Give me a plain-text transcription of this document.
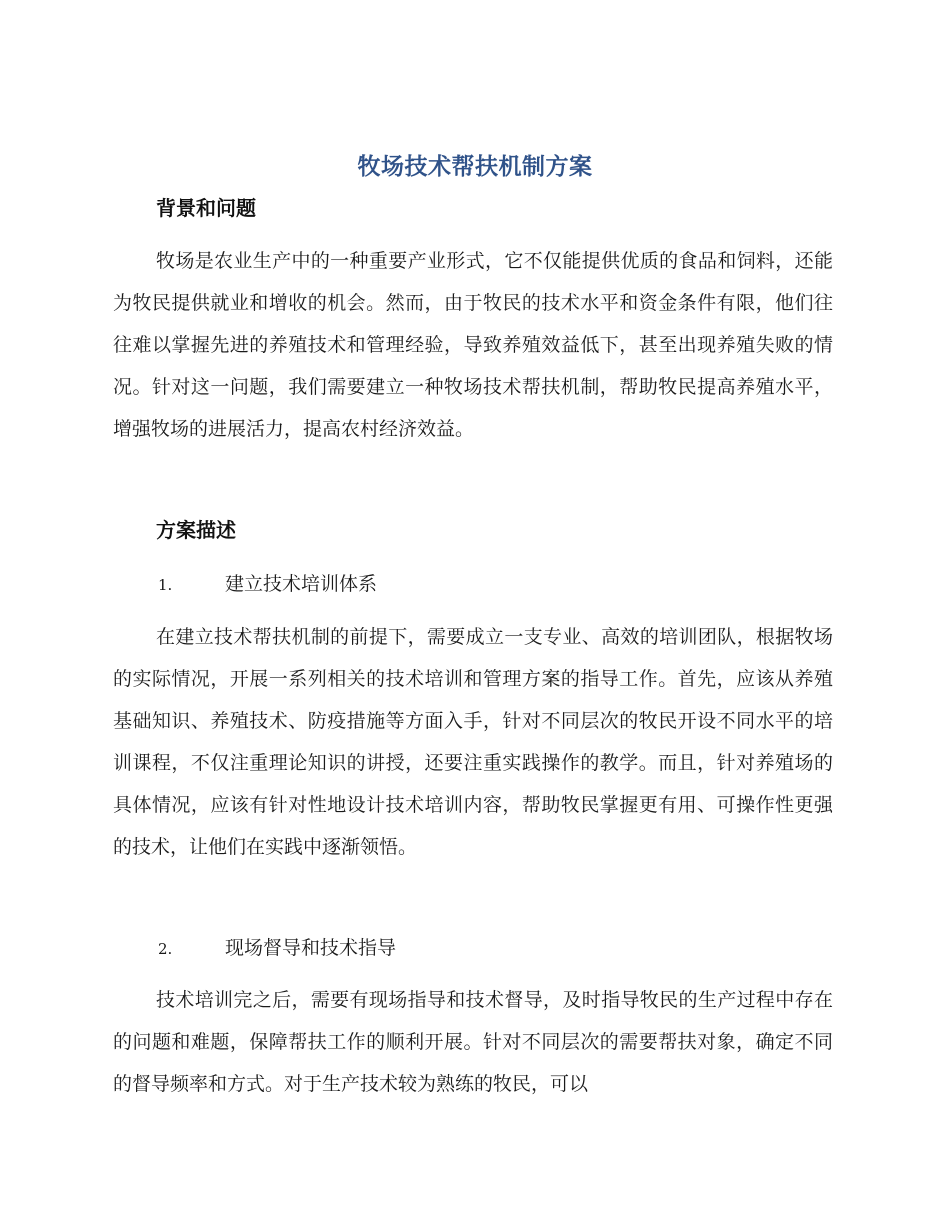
牧场技术帮扶机制方案
背景和问题

牧场是农业生产中的一种重要产业形式，它不仅能提供优质的食品和饲料，还能为牧民提供就业和增收的机会。然而，由于牧民的技术水平和资金条件有限，他们往往难以掌握先进的养殖技术和管理经验，导致养殖效益低下，甚至出现养殖失败的情况。针对这一问题，我们需要建立一种牧场技术帮扶机制，帮助牧民提高养殖水平，增强牧场的进展活力，提高农村经济效益。

方案描述
1.	建立技术培训体系

在建立技术帮扶机制的前提下，需要成立一支专业、高效的培训团队，根据牧场的实际情况，开展一系列相关的技术培训和管理方案的指导工作。首先，应该从养殖基础知识、养殖技术、防疫措施等方面入手，针对不同层次的牧民开设不同水平的培训课程，不仅注重理论知识的讲授，还要注重实践操作的教学。而且，针对养殖场的具体情况，应该有针对性地设计技术培训内容，帮助牧民掌握更有用、可操作性更强的技术，让他们在实践中逐渐领悟。

2.	现场督导和技术指导

技术培训完之后，需要有现场指导和技术督导，及时指导牧民的生产过程中存在的问题和难题，保障帮扶工作的顺利开展。针对不同层次的需要帮扶对象，确定不同的督导频率和方式。对于生产技术较为熟练的牧民，可以
